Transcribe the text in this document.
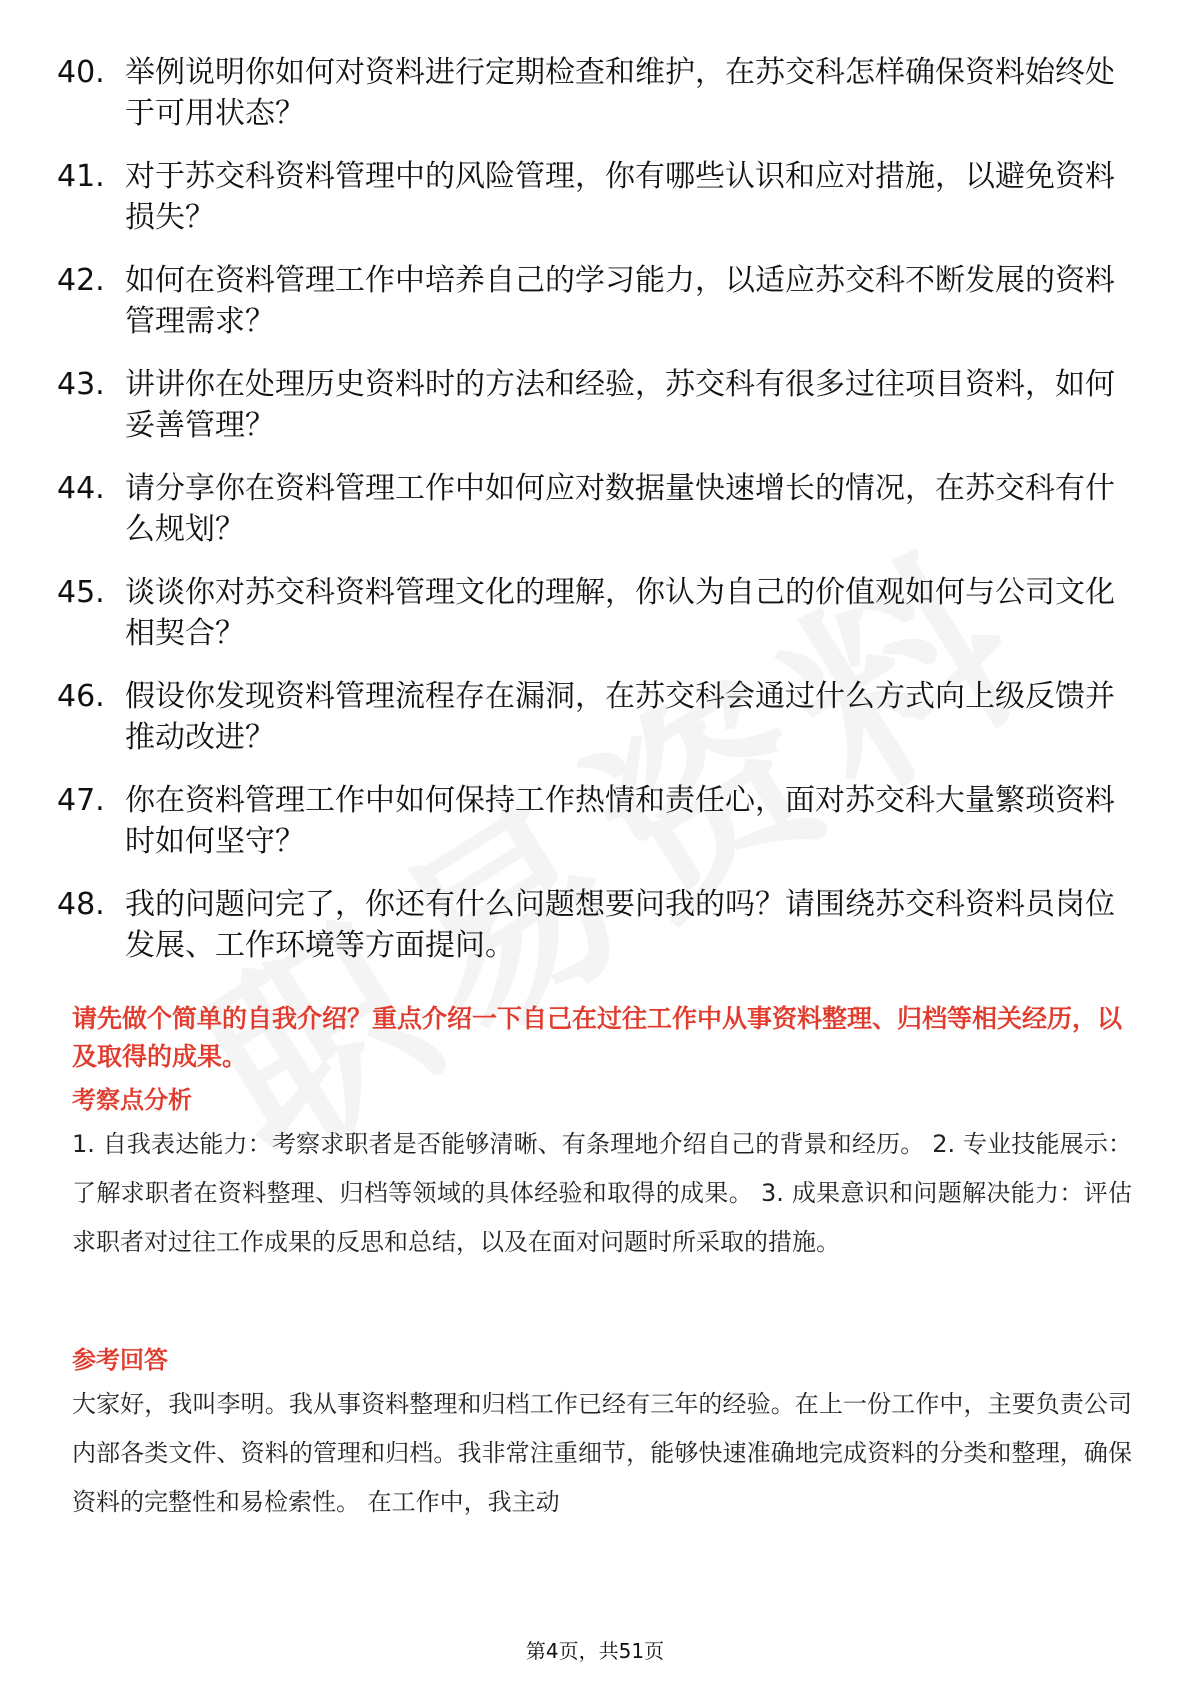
40. 举例说明你如何对资料进行定期检查和维护，在苏交科怎样确保资料始终处于可用状态？
41. 对于苏交科资料管理中的风险管理，你有哪些认识和应对措施，以避免资料损失？
42. 如何在资料管理工作中培养自己的学习能力，以适应苏交科不断发展的资料管理需求？
43. 讲讲你在处理历史资料时的方法和经验，苏交科有很多过往项目资料，如何妥善管理？
44. 请分享你在资料管理工作中如何应对数据量快速增长的情况，在苏交科有什么规划？
45. 谈谈你对苏交科资料管理文化的理解，你认为自己的价值观如何与公司文化相契合？
46. 假设你发现资料管理流程存在漏洞，在苏交科会通过什么方式向上级反馈并推动改进？
47. 你在资料管理工作中如何保持工作热情和责任心，面对苏交科大量繁琐资料时如何坚守？
48. 我的问题问完了，你还有什么问题想要问我的吗？请围绕苏交科资料员岗位发展、工作环境等方面提问。
请先做个简单的自我介绍？重点介绍一下自己在过往工作中从事资料整理、归档等相关经历，以及取得的成果。
考察点分析
1. 自我表达能力：考察求职者是否能够清晰、有条理地介绍自己的背景和经历。 2. 专业技能展示：了解求职者在资料整理、归档等领域的具体经验和取得的成果。 3. 成果意识和问题解决能力：评估求职者对过往工作成果的反思和总结，以及在面对问题时所采取的措施。
参考回答
大家好，我叫李明。我从事资料整理和归档工作已经有三年的经验。在上一份工作中，主要负责公司内部各类文件、资料的管理和归档。我非常注重细节，能够快速准确地完成资料的分类和整理，确保资料的完整性和易检索性。 在工作中，我主动
第4页，共51页
